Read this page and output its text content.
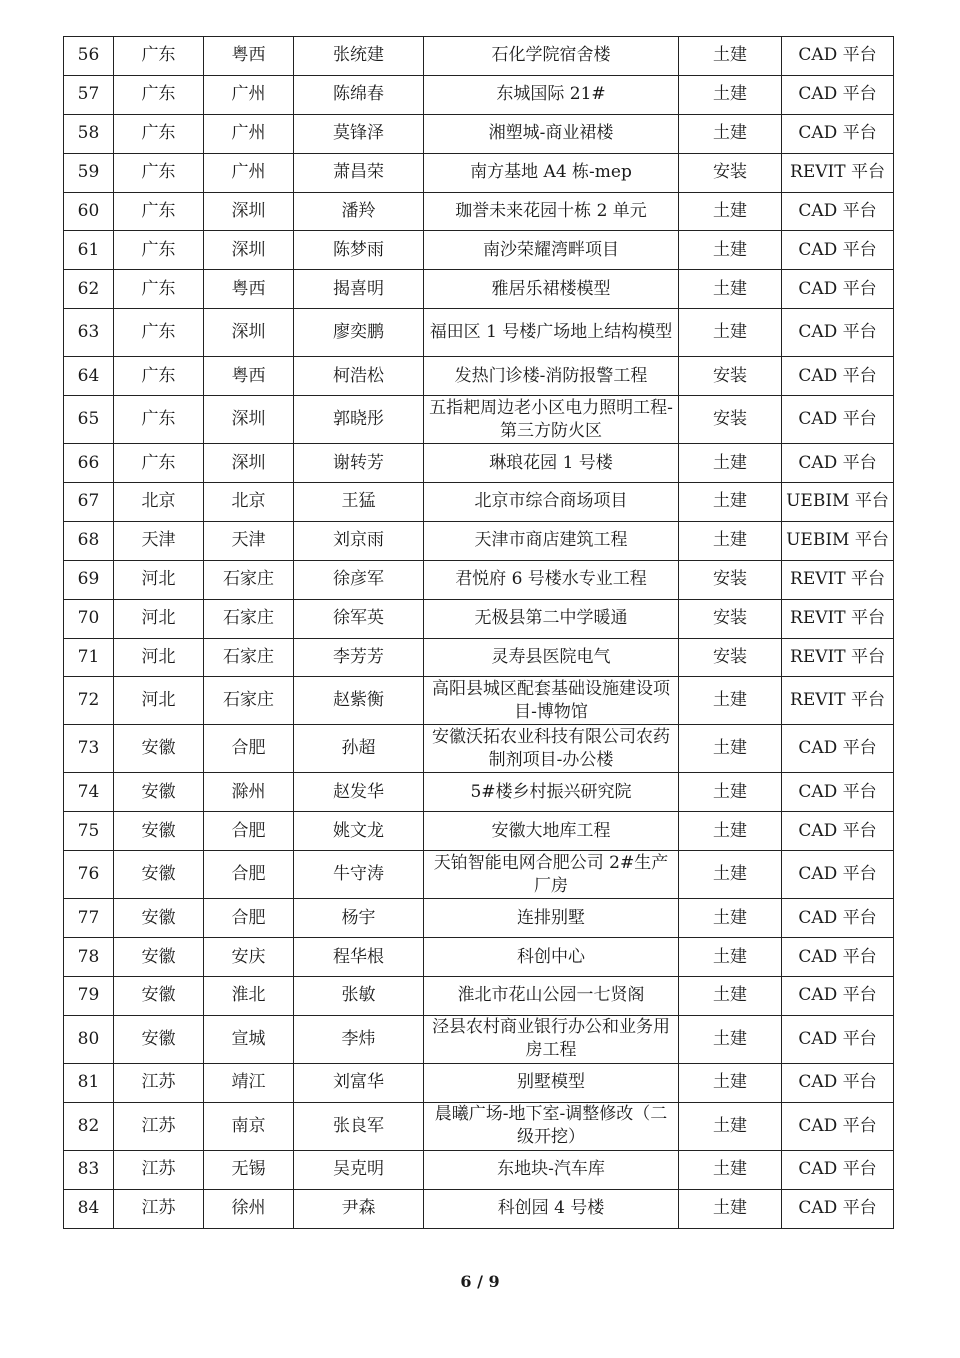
56	广东	粤西	张统建	石化学院宿舍楼	土建	CAD 平台
57	广东	广州	陈绵春	东城国际 21#	土建	CAD 平台
58	广东	广州	莫锋泽	湘塑城-商业裙楼	土建	CAD 平台
59	广东	广州	萧昌荣	南方基地 A4 栋-mep	安装	REVIT 平台
60	广东	深圳	潘羚	珈誉未来花园十栋 2 单元	土建	CAD 平台
61	广东	深圳	陈梦雨	南沙荣耀湾畔项目	土建	CAD 平台
62	广东	粤西	揭喜明	雅居乐裙楼模型	土建	CAD 平台
63	广东	深圳	廖奕鹏	福田区 1 号楼广场地上结构模型	土建	CAD 平台
64	广东	粤西	柯浩松	发热门诊楼-消防报警工程	安装	CAD 平台
65	广东	深圳	郭晓彤	五指耙周边老小区电力照明工程-第三方防火区	安装	CAD 平台
66	广东	深圳	谢转芳	琳琅花园 1 号楼	土建	CAD 平台
67	北京	北京	王猛	北京市综合商场项目	土建	UEBIM 平台
68	天津	天津	刘京雨	天津市商店建筑工程	土建	UEBIM 平台
69	河北	石家庄	徐彦军	君悦府 6 号楼水专业工程	安装	REVIT 平台
70	河北	石家庄	徐军英	无极县第二中学暖通	安装	REVIT 平台
71	河北	石家庄	李芳芳	灵寿县医院电气	安装	REVIT 平台
72	河北	石家庄	赵紫衡	高阳县城区配套基础设施建设项目-博物馆	土建	REVIT 平台
73	安徽	合肥	孙超	安徽沃拓农业科技有限公司农药制剂项目-办公楼	土建	CAD 平台
74	安徽	滁州	赵发华	5#楼乡村振兴研究院	土建	CAD 平台
75	安徽	合肥	姚文龙	安徽大地库工程	土建	CAD 平台
76	安徽	合肥	牛守涛	天铂智能电网合肥公司 2#生产厂房	土建	CAD 平台
77	安徽	合肥	杨宇	连排别墅	土建	CAD 平台
78	安徽	安庆	程华根	科创中心	土建	CAD 平台
79	安徽	淮北	张敏	淮北市花山公园一七贤阁	土建	CAD 平台
80	安徽	宣城	李炜	泾县农村商业银行办公和业务用房工程	土建	CAD 平台
81	江苏	靖江	刘富华	别墅模型	土建	CAD 平台
82	江苏	南京	张良军	晨曦广场-地下室-调整修改（二级开挖）	土建	CAD 平台
83	江苏	无锡	吴克明	东地块-汽车库	土建	CAD 平台
84	江苏	徐州	尹森	科创园 4 号楼	土建	CAD 平台
6 / 9
